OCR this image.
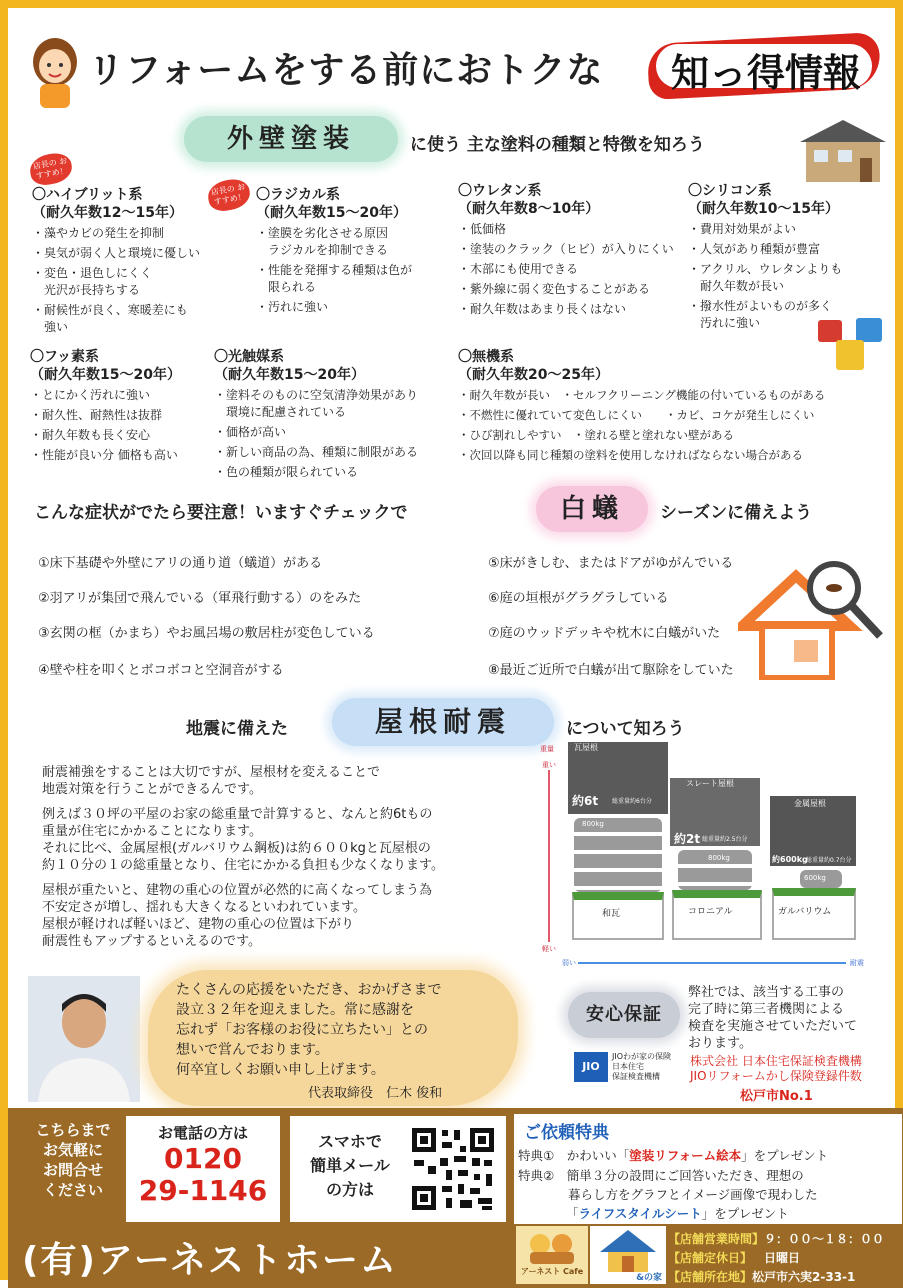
リフォームをする前におトクな	知っ得情報
外壁塗装	に使う 主な塗料の種類と特徴を知ろう
店長の おすすめ！
店長の おすすめ！
〇ハイブリット系
（耐久年数12～15年）
・藻やカビの発生を抑制
・臭気が弱く人と環境に優しい
・変色・退色しにくく
　光沢が長持ちする
・耐候性が良く、寒暖差にも
　強い
〇ラジカル系
（耐久年数15～20年）
・塗膜を劣化させる原因
　ラジカルを抑制できる
・性能を発揮する種類は色が
　限られる
・汚れに強い
〇ウレタン系
（耐久年数8～10年）
・低価格
・塗装のクラック（ヒビ）が入りにくい
・木部にも使用できる
・紫外線に弱く変色することがある
・耐久年数はあまり長くはない
〇シリコン系
（耐久年数10～15年）
・費用対効果がよい
・人気があり種類が豊富
・アクリル、ウレタンよりも
　耐久年数が長い
・撥水性がよいものが多く
　汚れに強い
〇フッ素系
（耐久年数15～20年）
・とにかく汚れに強い
・耐久性、耐熱性は抜群
・耐久年数も長く安心
・性能が良い分 価格も高い
〇光触媒系
（耐久年数15～20年）
・塗料そのものに空気清浄効果があり
　環境に配慮されている
・価格が高い
・新しい商品の為、種類に制限がある
・色の種類が限られている
〇無機系
（耐久年数20～25年）
・耐久年数が長い　・セルフクリーニング機能の付いているものがある
・不燃性に優れていて変色しにくい　　・カビ、コケが発生しにくい
・ひび割れしやすい　・塗れる壁と塗れない壁がある
・次回以降も同じ種類の塗料を使用しなければならない場合がある
こんな症状がでたら要注意！いますぐチェックで	白蟻	シーズンに備えよう
①床下基礎や外壁にアリの通り道（蟻道）がある
②羽アリが集団で飛んでいる（軍飛行動する）のをみた
③玄関の框（かまち）やお風呂場の敷居柱が変色している
④壁や柱を叩くとボコボコと空洞音がする
⑤床がきしむ、またはドアがゆがんでいる
⑥庭の垣根がグラグラしている
⑦庭のウッドデッキや枕木に白蟻がいた
⑧最近ご近所で白蟻が出て駆除をしていた
地震に備えた	屋根耐震	について知ろう
耐震補強をすることは大切ですが、屋根材を変えることで
地震対策を行うことができるんです。
例えば３０坪の平屋のお家の総重量で計算すると、なんと約6tもの
重量が住宅にかかることになります。
それに比べ、金属屋根(ガルバリウム鋼板)は約６００kgと瓦屋根の
約１０分の１の総重量となり、住宅にかかる負担も少なくなります。
屋根が重たいと、建物の重心の位置が必然的に高くなってしまう為
不安定さが増し、揺れも大きくなるといわれています。
屋根が軽ければ軽いほど、建物の重心の位置は下がり
耐震性もアップするといえるのです。
重量
重い
軽い
弱い	耐震
瓦屋根
約6t 総重量約6台分
800kg
和瓦
スレート屋根
約2t 総重量約2.5台分
800kg
コロニアル
金属屋根
約600kg
総重量約0.7台分
600kg
ガルバリウム
たくさんの応援をいただき、おかげさまで
設立３２年を迎えました。常に感謝を
忘れず「お客様のお役に立ちたい」との
想いで営んでおります。
何卒宜しくお願い申し上げます。
代表取締役　仁木 俊和
安心保証
弊社では、該当する工事の
完了時に第三者機関による
検査を実施させていただいて
おります。
JIO
JIOわが家の保険
日本住宅
保証検査機構
株式会社 日本住宅保証検査機構
JIOリフォームかし保険登録件数
松戸市No.1
こちらまで
お気軽に
お問合せ
ください
お電話の方は
0120
29-1146
スマホで
簡単メール
の方は
ご依頼特典
特典①　かわいい「塗装リフォーム絵本」をプレゼント
特典②　簡単３分の設問にご回答いただき、理想の
　　　　暮らし方をグラフとイメージ画像で現わした
「ライフスタイルシート」をプレゼント
(有)アーネストホーム	アーネスト Cafe
&の家
【店舗営業時間】９：００～１８：００
【店舗定休日】 日曜日
【店舗所在地】松戸市六実2-33-1
